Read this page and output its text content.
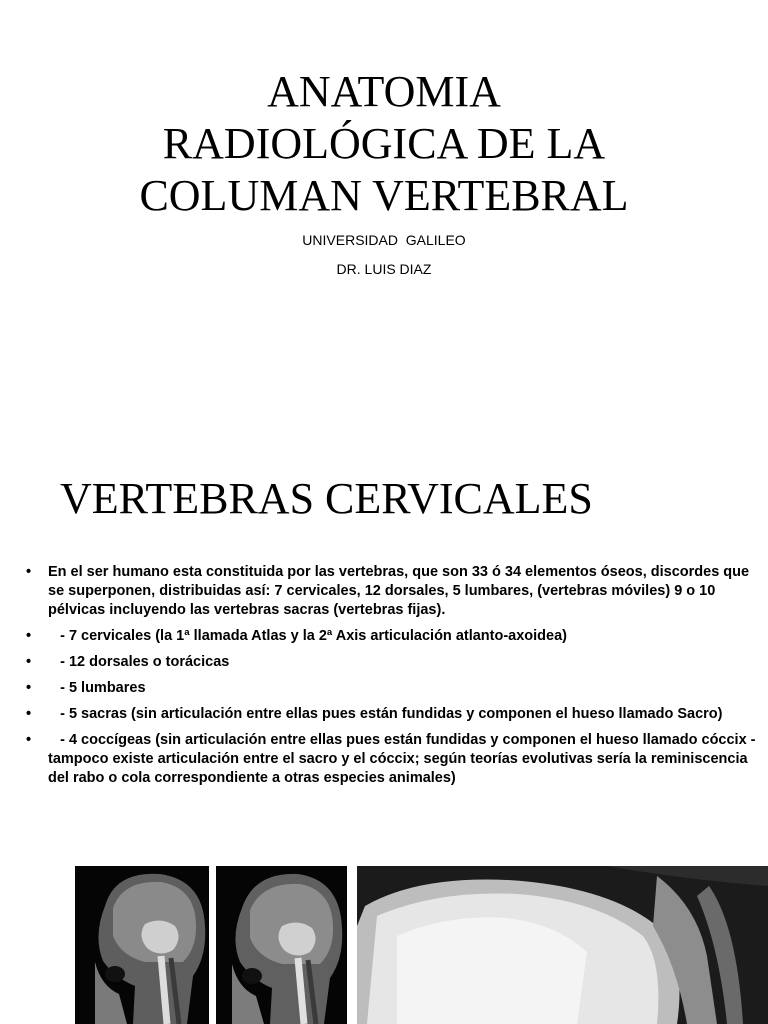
ANATOMIA
RADIOLÓGICA DE LA
COLUMAN VERTEBRAL
UNIVERSIDAD  GALILEO
DR. LUIS DIAZ
VERTEBRAS CERVICALES
• En el ser humano esta constituida por las vertebras, que son 33 ó 34 elementos óseos, discordes que se superponen, distribuidas así: 7 cervicales, 12 dorsales, 5 lumbares, (vertebras móviles) 9 o 10 pélvicas incluyendo las vertebras sacras (vertebras fijas).
• - 7 cervicales (la 1ª llamada Atlas y la 2ª Axis articulación atlanto-axoidea)
• - 12 dorsales o torácicas
• - 5 lumbares
• - 5 sacras (sin articulación entre ellas pues están fundidas y componen el hueso llamado Sacro)
• - 4 coccígeas (sin articulación entre ellas pues están fundidas y componen el hueso llamado cóccix - tampoco existe articulación entre el sacro y el cóccix; según teorías evolutivas sería la reminiscencia del rabo o cola correspondiente a otras especies animales)
